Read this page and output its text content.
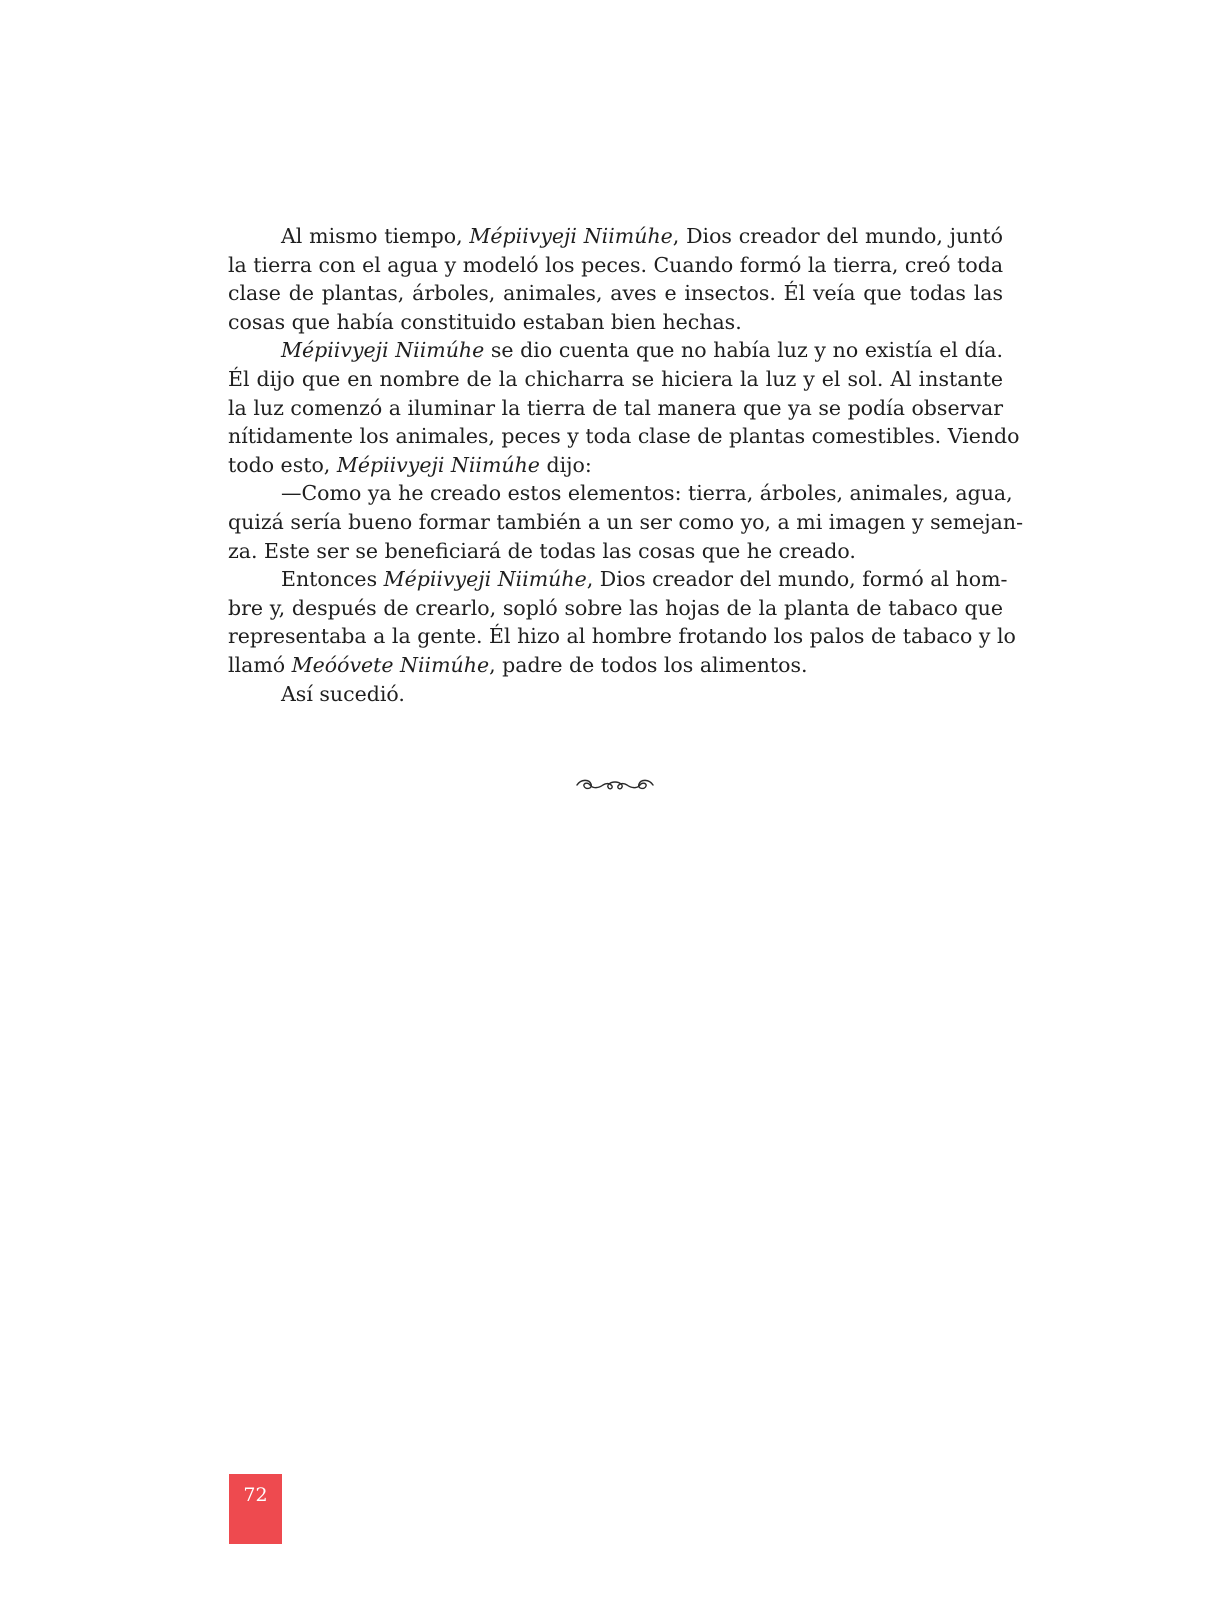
Al mismo tiempo, Mépiivyeji Niimúhe, Dios creador del mundo, juntó
la tierra con el agua y modeló los peces. Cuando formó la tierra, creó toda
clase de plantas, árboles, animales, aves e insectos. Él veía que todas las
cosas que había constituido estaban bien hechas.
Mépiivyeji Niimúhe se dio cuenta que no había luz y no existía el día.
Él dijo que en nombre de la chicharra se hiciera la luz y el sol. Al instante
la luz comenzó a iluminar la tierra de tal manera que ya se podía observar
nítidamente los animales, peces y toda clase de plantas comestibles. Viendo
todo esto, Mépiivyeji Niimúhe dijo:
—Como ya he creado estos elementos: tierra, árboles, animales, agua,
quizá sería bueno formar también a un ser como yo, a mi imagen y semejan-
za. Este ser se beneficiará de todas las cosas que he creado.
Entonces Mépiivyeji Niimúhe, Dios creador del mundo, formó al hom-
bre y, después de crearlo, sopló sobre las hojas de la planta de tabaco que
representaba a la gente. Él hizo al hombre frotando los palos de tabaco y lo
llamó Meóóvete Niimúhe, padre de todos los alimentos.
Así sucedió.
72
